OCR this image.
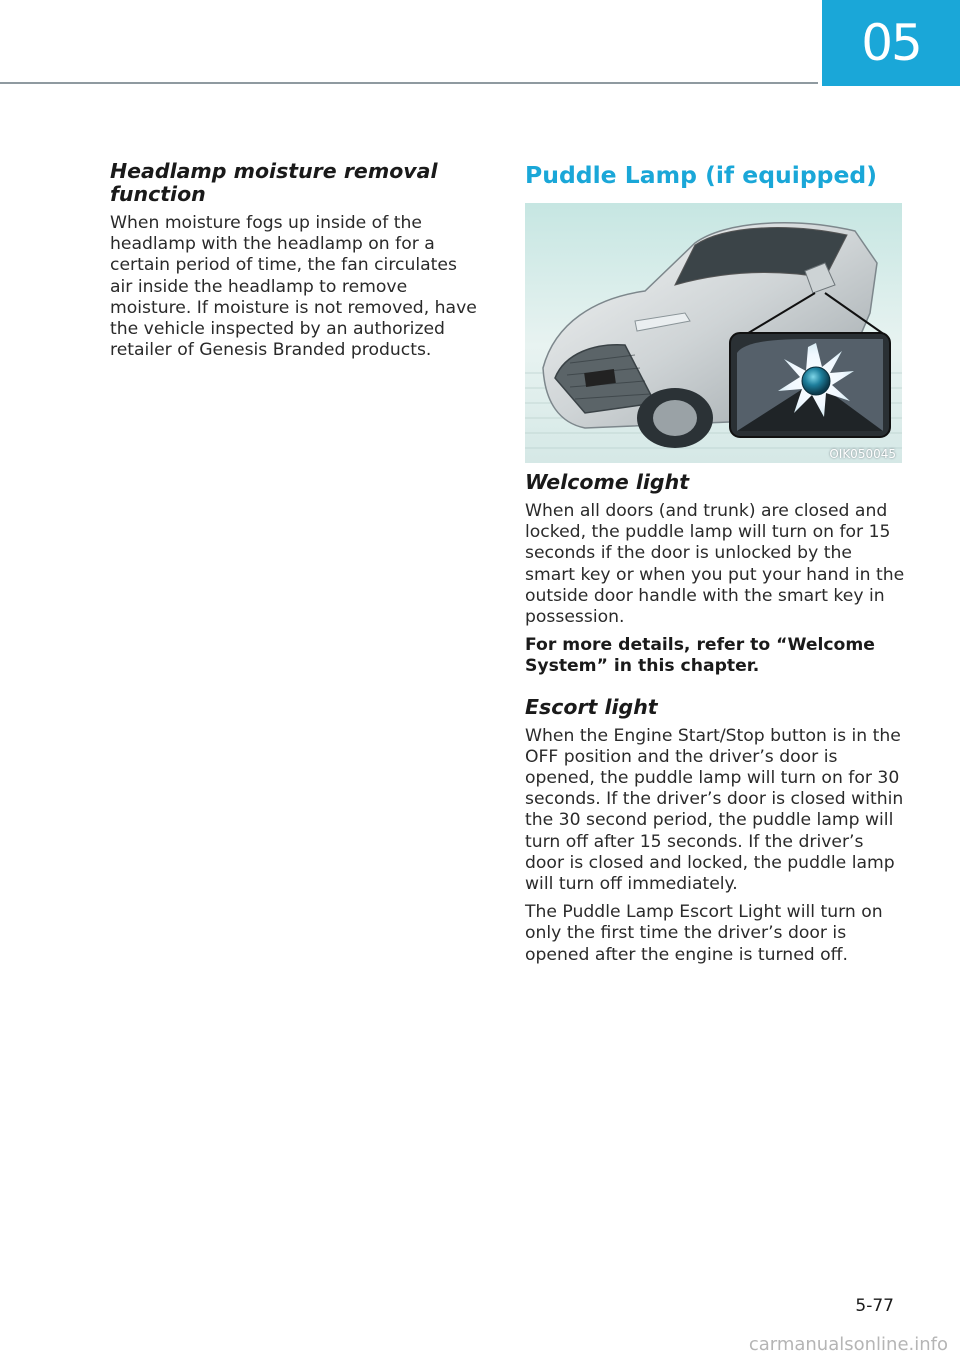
05
Headlamp moisture removal function

When moisture fogs up inside of the headlamp with the headlamp on for a certain period of time, the fan circulates air inside the headlamp to remove moisture. If moisture is not removed, have the vehicle inspected by an authorized retailer of Genesis Branded products.

Puddle Lamp (if equipped)
OIK050045
Welcome light

When all doors (and trunk) are closed and locked, the puddle lamp will turn on for 15 seconds if the door is unlocked by the smart key or when you put your hand in the outside door handle with the smart key in possession.

For more details, refer to “Welcome System” in this chapter.

Escort light

When the Engine Start/Stop button is in the OFF position and the driver’s door is opened, the puddle lamp will turn on for 30 seconds. If the driver’s door is closed within the 30 second period, the puddle lamp will turn off after 15 seconds. If the driver’s door is closed and locked, the puddle lamp will turn off immediately.

The Puddle Lamp Escort Light will turn on only the first time the driver’s door is opened after the engine is turned off.

5-77
carmanualsonline.info
